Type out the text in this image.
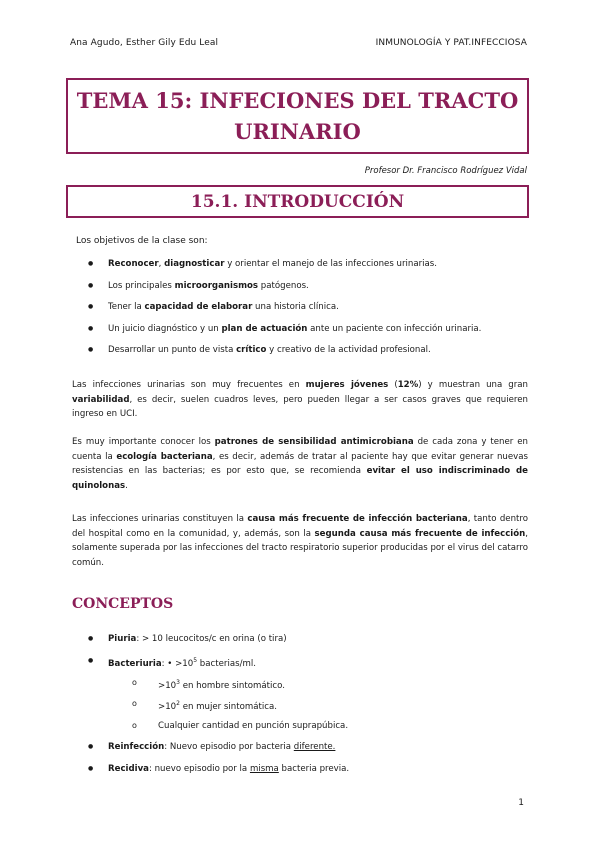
Ana Agudo, Esther Gily Edu Leal	INMUNOLOGÍA Y PAT.INFECCIOSA
TEMA 15: INFECIONES DEL TRACTO
URINARIO
Profesor Dr. Francisco Rodríguez Vidal
15.1. INTRODUCCIÓN
Los objetivos de la clase son:
● Reconocer, diagnosticar y orientar el manejo de las infecciones urinarias.
● Los principales microorganismos patógenos.
● Tener la capacidad de elaborar una historia clínica.
● Un juicio diagnóstico y un plan de actuación ante un paciente con infección urinaria.
● Desarrollar un punto de vista crítico y creativo de la actividad profesional.
Las infecciones urinarias son muy frecuentes en mujeres jóvenes (12%) y muestran una gran variabilidad, es decir, suelen cuadros leves, pero pueden llegar a ser casos graves que requieren ingreso en UCI.
Es muy importante conocer los patrones de sensibilidad antimicrobiana de cada zona y tener en cuenta la ecología bacteriana, es decir, además de tratar al paciente hay que evitar generar nuevas resistencias en las bacterias; es por esto que, se recomienda evitar el uso indiscriminado de quinolonas.
Las infecciones urinarias constituyen la causa más frecuente de infección bacteriana, tanto dentro del hospital como en la comunidad, y, además, son la segunda causa más frecuente de infección, solamente superada por las infecciones del tracto respiratorio superior producidas por el virus del catarro común.
CONCEPTOS
● Piuria: > 10 leucocitos/c en orina (o tira)
● Bacteriuria: • $>10^5$ bacterias/ml.
$o >10^3$ en hombre sintomático.
$o >10^2$ en mujer sintomática.
o Cualquier cantidad en punción suprapúbica.
● Reinfección: Nuevo episodio por bacteria diferente.
● Recidiva: nuevo episodio por la misma bacteria previa.
1
